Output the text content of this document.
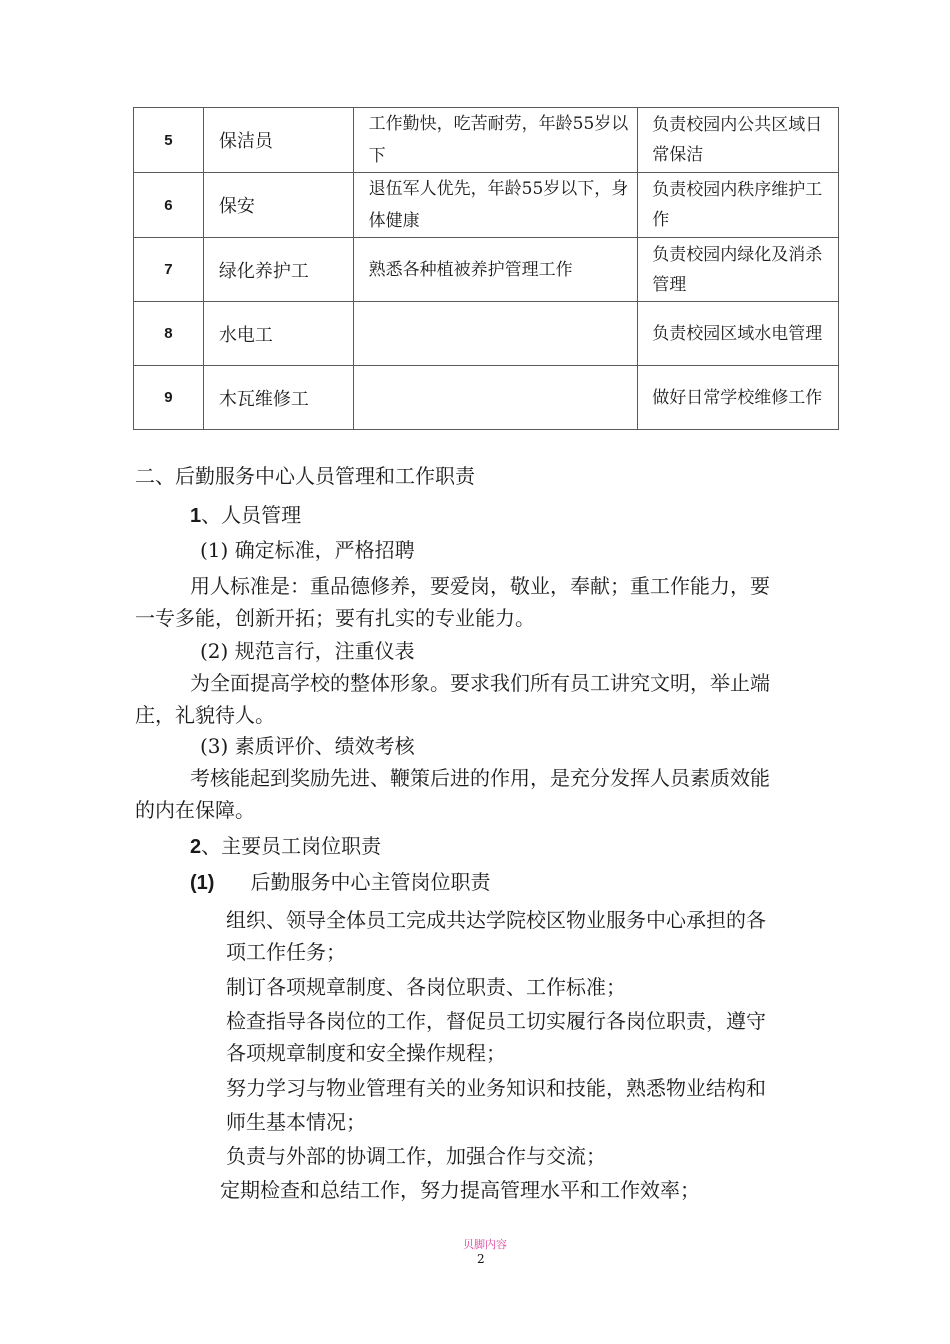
5	保洁员	工作勤快，吃苦耐劳，年龄55岁以下	负责校园内公共区域日常保洁
6	保安	退伍军人优先，年龄55岁以下，身体健康	负责校园内秩序维护工作
7	绿化养护工	熟悉各种植被养护管理工作	负责校园内绿化及消杀管理
8	水电工		负责校园区域水电管理
9	木瓦维修工		做好日常学校维修工作
二、后勤服务中心人员管理和工作职责
1、人员管理
(1) 确定标准，严格招聘
用人标准是：重品德修养，要爱岗，敬业，奉献；重工作能力，要
一专多能，创新开拓；要有扎实的专业能力。
(2) 规范言行，注重仪表
为全面提高学校的整体形象。要求我们所有员工讲究文明，举止端
庄，礼貌待人。
(3) 素质评价、绩效考核
考核能起到奖励先进、鞭策后进的作用，是充分发挥人员素质效能
的内在保障。
2、主要员工岗位职责
(1) 后勤服务中心主管岗位职责
组织、领导全体员工完成共达学院校区物业服务中心承担的各
项工作任务；
制订各项规章制度、各岗位职责、工作标准；
检查指导各岗位的工作，督促员工切实履行各岗位职责，遵守
各项规章制度和安全操作规程；
努力学习与物业管理有关的业务知识和技能，熟悉物业结构和
师生基本情况；
负责与外部的协调工作，加强合作与交流；
定期检查和总结工作，努力提高管理水平和工作效率；
贝脚内容
2
